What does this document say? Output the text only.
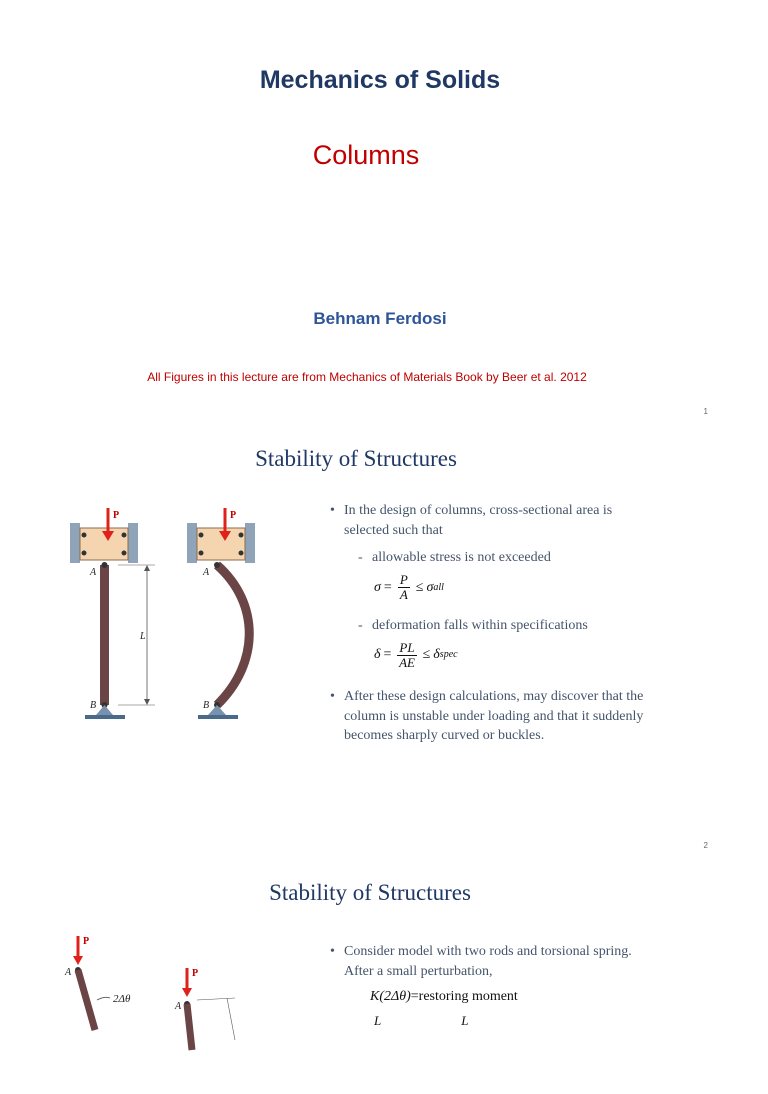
Mechanics of Solids
Columns
Behnam Ferdosi
All Figures in this lecture are from Mechanics of Materials Book by Beer et al. 2012
1
Stability of Structures
P
A
B
L
P
A
B
• In the design of columns, cross-sectional area is selected such that
- allowable stress is not exceeded
$\sigma = \frac{P}{A} \le \sigma$ all
- deformation falls within specifications
$\delta = \frac{PL}{AE} \le \delta$ spec
• After these design calculations, may discover that the column is unstable under loading and that it suddenly becomes sharply curved or buckles.
2
Stability of Structures
P
A
2Δθ
P
A
• Consider model with two rods and torsional spring. After a small perturbation,
K(2Δθ)=restoring moment
L	L
